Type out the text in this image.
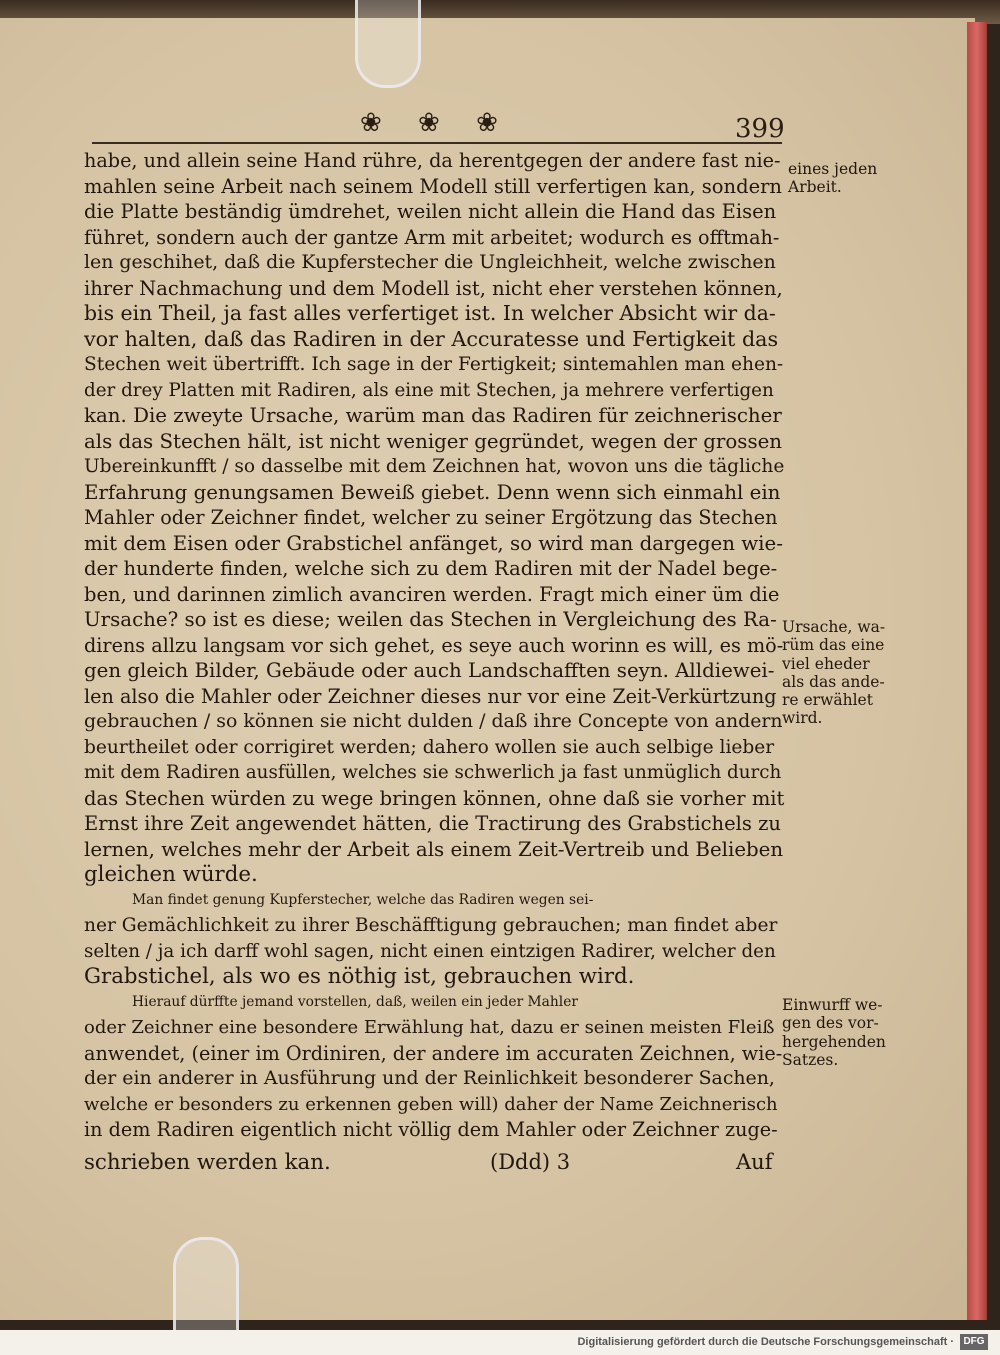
❀ ❀ ❀	399
habe, und allein seine Hand rühre, da herentgegen der andere fast nie-
mahlen seine Arbeit nach seinem Modell still verfertigen kan, sondern
die Platte beständig ümdrehet, weilen nicht allein die Hand das Eisen
führet, sondern auch der gantze Arm mit arbeitet; wodurch es offtmah-
len geschihet, daß die Kupferstecher die Ungleichheit, welche zwischen
ihrer Nachmachung und dem Modell ist, nicht eher verstehen können,
bis ein Theil, ja fast alles verfertiget ist. In welcher Absicht wir da-
vor halten, daß das Radiren in der Accuratesse und Fertigkeit das
Stechen weit übertrifft. Ich sage in der Fertigkeit; sintemahlen man ehen-
der drey Platten mit Radiren, als eine mit Stechen, ja mehrere verfertigen
kan. Die zweyte Ursache, warüm man das Radiren für zeichnerischer
als das Stechen hält, ist nicht weniger gegründet, wegen der grossen
Ubereinkunfft / so dasselbe mit dem Zeichnen hat, wovon uns die tägliche
Erfahrung genungsamen Beweiß giebet. Denn wenn sich einmahl ein
Mahler oder Zeichner findet, welcher zu seiner Ergötzung das Stechen
mit dem Eisen oder Grabstichel anfänget, so wird man dargegen wie-
der hunderte finden, welche sich zu dem Radiren mit der Nadel bege-
ben, und darinnen zimlich avanciren werden. Fragt mich einer üm die
Ursache? so ist es diese; weilen das Stechen in Vergleichung des Ra-
direns allzu langsam vor sich gehet, es seye auch worinn es will, es mö-
gen gleich Bilder, Gebäude oder auch Landschafften seyn. Alldiewei-
len also die Mahler oder Zeichner dieses nur vor eine Zeit-Verkürtzung
gebrauchen / so können sie nicht dulden / daß ihre Concepte von andern
beurtheilet oder corrigiret werden; dahero wollen sie auch selbige lieber
mit dem Radiren ausfüllen, welches sie schwerlich ja fast unmüglich durch
das Stechen würden zu wege bringen können, ohne daß sie vorher mit
Ernst ihre Zeit angewendet hätten, die Tractirung des Grabstichels zu
lernen, welches mehr der Arbeit als einem Zeit-Vertreib und Belieben
gleichen würde.
Man findet genung Kupferstecher, welche das Radiren wegen sei-
ner Gemächlichkeit zu ihrer Beschäfftigung gebrauchen; man findet aber
selten / ja ich darff wohl sagen, nicht einen eintzigen Radirer, welcher den
Grabstichel, als wo es nöthig ist, gebrauchen wird.
Hierauf dürffte jemand vorstellen, daß, weilen ein jeder Mahler
oder Zeichner eine besondere Erwählung hat, dazu er seinen meisten Fleiß
anwendet, (einer im Ordiniren, der andere im accuraten Zeichnen, wie-
der ein anderer in Ausführung und der Reinlichkeit besonderer Sachen,
welche er besonders zu erkennen geben will) daher der Name Zeichnerisch
in dem Radiren eigentlich nicht völlig dem Mahler oder Zeichner zuge-
schrieben werden kan.	(Ddd) 3	Auf
eines jeden
Arbeit.
Ursache, wa-
rüm das eine
viel eheder
als das ande-
re erwählet
wird.
Einwurff we-
gen des vor-
hergehenden
Satzes.
Digitalisierung gefördert durch die Deutsche Forschungsgemeinschaft · DFG
